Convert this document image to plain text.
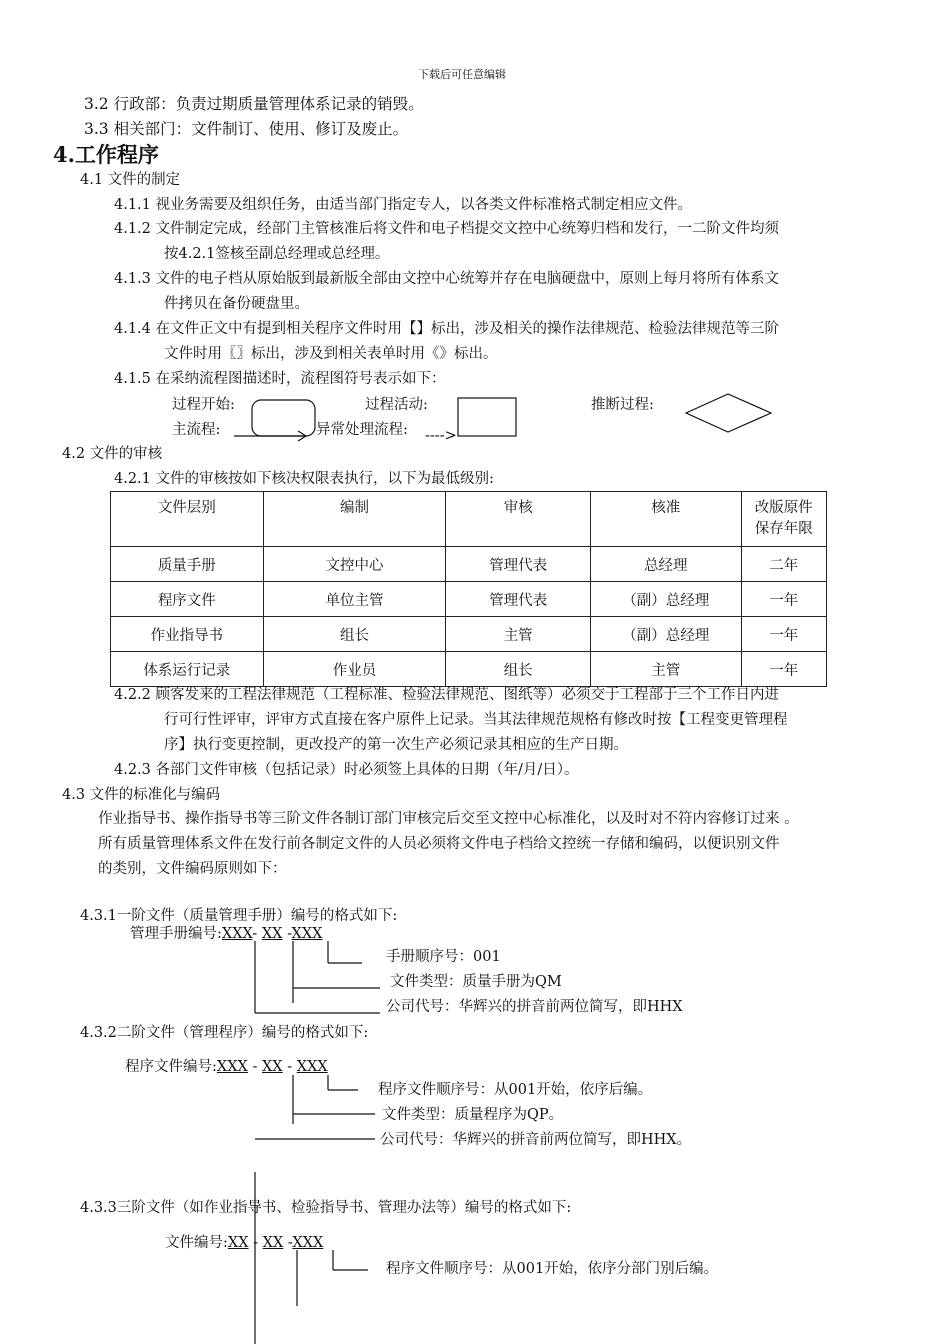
下载后可任意编辑
3.2 行政部：负责过期质量管理体系记录的销毁。
3.3 相关部门：文件制订、使用、修订及废止。
4.工作程序
4.1 文件的制定
4.1.1 视业务需要及组织任务，由适当部门指定专人，以各类文件标准格式制定相应文件。
4.1.2 文件制定完成，经部门主管核准后将文件和电子档提交文控中心统筹归档和发行，一二阶文件均须
按4.2.1签核至副总经理或总经理。
4.1.3 文件的电子档从原始版到最新版全部由文控中心统筹并存在电脑硬盘中，原则上每月将所有体系文
件拷贝在备份硬盘里。
4.1.4 在文件正文中有提到相关程序文件时用【】标出，涉及相关的操作法律规范、检验法律规范等三阶
文件时用〖〗标出，涉及到相关表单时用《》标出。
4.1.5 在采纳流程图描述时，流程图符号表示如下：
过程开始:	过程活动:	推断过程:
主流程:	异常处理流程: ---->
4.2 文件的审核
4.2.1 文件的审核按如下核决权限表执行，以下为最低级别:
文件层别	编制	审核	核准	改版原件
保存年限
质量手册	文控中心	管理代表	总经理	二年
程序文件	单位主管	管理代表	（副）总经理	一年
作业指导书	组长	主管	（副）总经理	一年
体系运行记录	作业员	组长	主管	一年
4.2.2 顾客发来的工程法律规范（工程标准、检验法律规范、图纸等）必须交于工程部于三个工作日内进
行可行性评审，评审方式直接在客户原件上记录。当其法律规范规格有修改时按【工程变更管理程
序】执行变更控制，更改投产的第一次生产必须记录其相应的生产日期。
4.2.3 各部门文件审核（包括记录）时必须签上具体的日期（年/月/日）。
4.3 文件的标准化与编码
作业指导书、操作指导书等三阶文件各制订部门审核完后交至文控中心标准化，以及时对不符内容修订过来 。
所有质量管理体系文件在发行前各制定文件的人员必须将文件电子档给文控统一存储和编码，以便识别文件
的类别，文件编码原则如下：
4.3.1一阶文件（质量管理手册）编号的格式如下:
管理手册编号:XXX- XX -XXX
手册顺序号：001
文件类型：质量手册为QM
公司代号：华辉兴的拼音前两位简写，即HHX
4.3.2二阶文件（管理程序）编号的格式如下:
程序文件编号:XXX - XX - XXX
程序文件顺序号：从001开始，依序后编。
文件类型：质量程序为QP。
公司代号：华辉兴的拼音前两位简写，即HHX。
4.3.3三阶文件（如作业指导书、检验指导书、管理办法等）编号的格式如下:
文件编号:XX - XX -XXX
程序文件顺序号：从001开始，依序分部门别后编。
